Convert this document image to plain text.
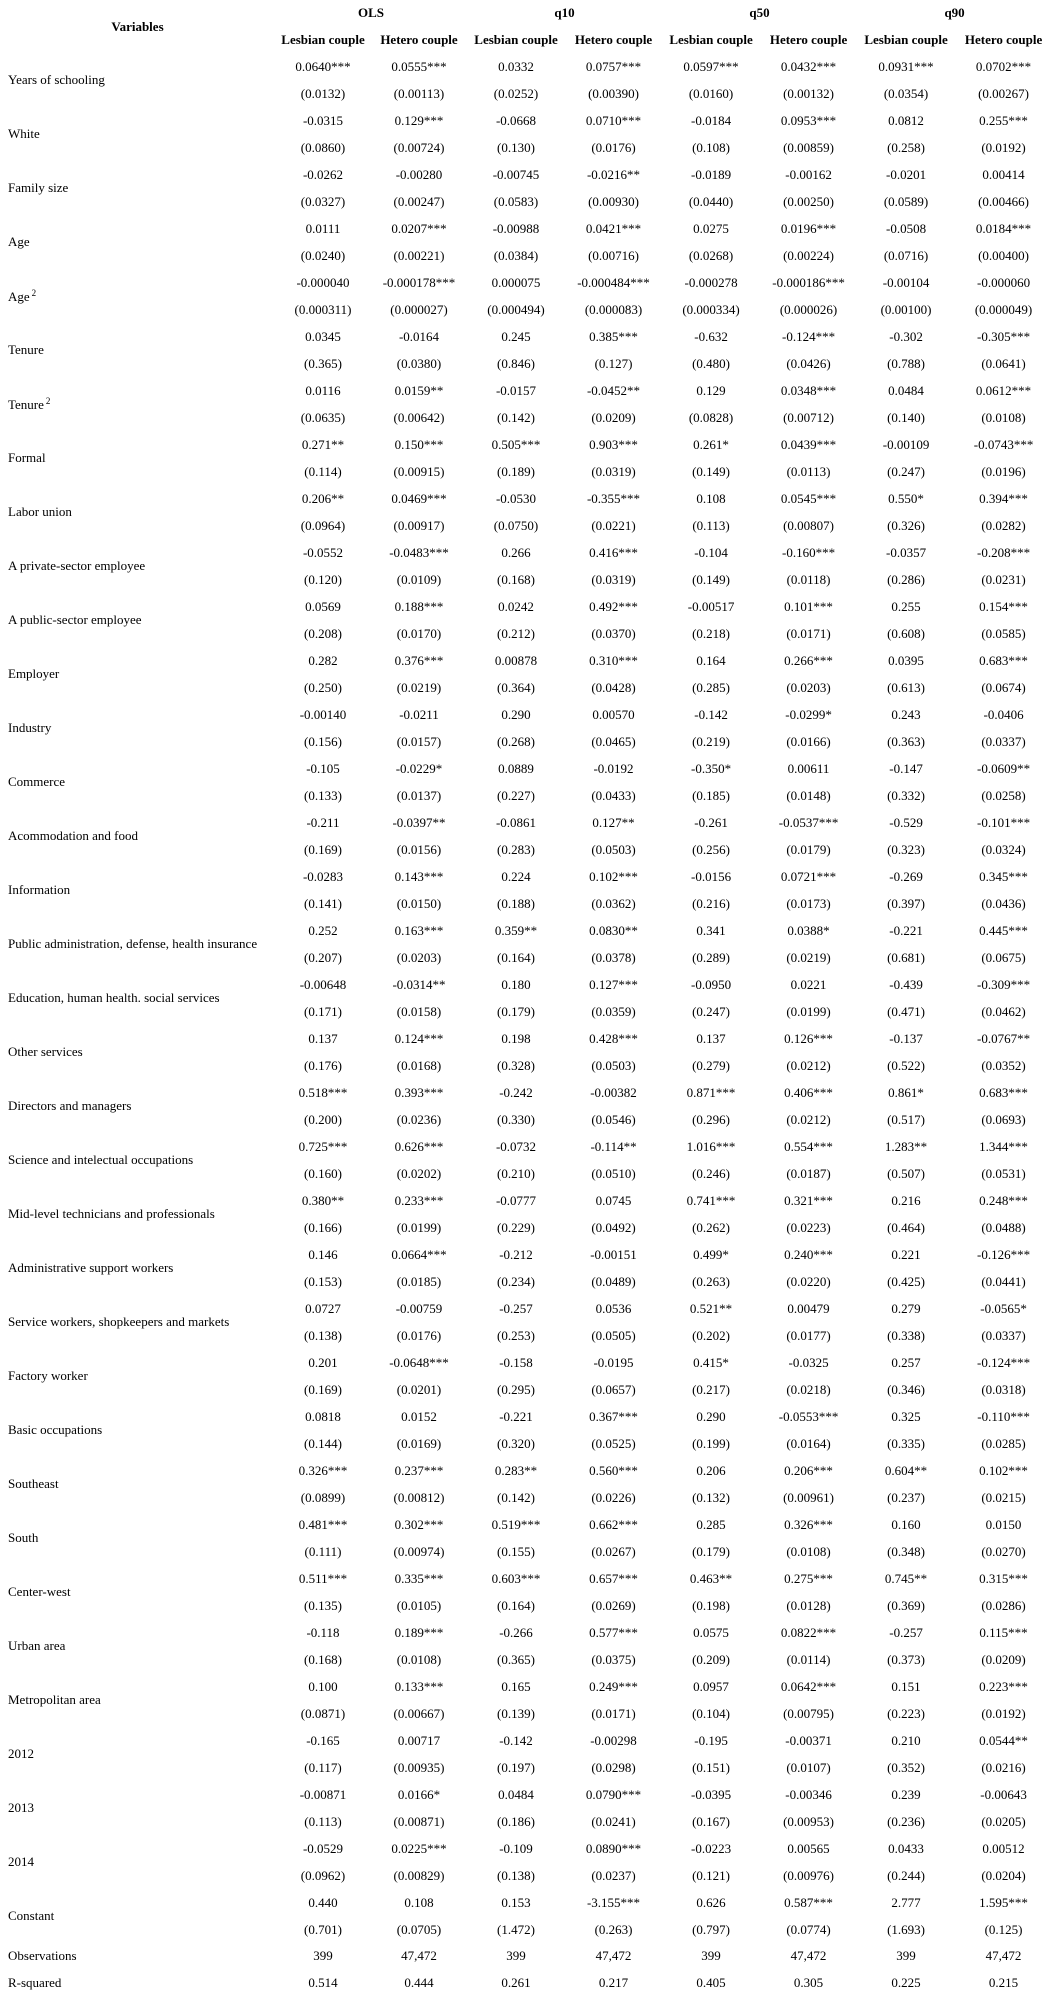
Variables	OLS		q10		q50		q90	
	Lesbian couple	Hetero couple	Lesbian couple	Hetero couple	Lesbian couple	Hetero couple	Lesbian couple	Hetero couple
Years of schooling	0.0640***	0.0555***	0.0332	0.0757***	0.0597***	0.0432***	0.0931***	0.0702***
	(0.0132)	(0.00113)	(0.0252)	(0.00390)	(0.0160)	(0.00132)	(0.0354)	(0.00267)
White	-0.0315	0.129***	-0.0668	0.0710***	-0.0184	0.0953***	0.0812	0.255***
	(0.0860)	(0.00724)	(0.130)	(0.0176)	(0.108)	(0.00859)	(0.258)	(0.0192)
Family size	-0.0262	-0.00280	-0.00745	-0.0216**	-0.0189	-0.00162	-0.0201	0.00414
	(0.0327)	(0.00247)	(0.0583)	(0.00930)	(0.0440)	(0.00250)	(0.0589)	(0.00466)
Age	0.0111	0.0207***	-0.00988	0.0421***	0.0275	0.0196***	-0.0508	0.0184***
	(0.0240)	(0.00221)	(0.0384)	(0.00716)	(0.0268)	(0.00224)	(0.0716)	(0.00400)
Age $^2$	-0.000040	-0.000178***	0.000075	-0.000484***	-0.000278	-0.000186***	-0.00104	-0.000060
	(0.000311)	(0.000027)	(0.000494)	(0.000083)	(0.000334)	(0.000026)	(0.00100)	(0.000049)
Tenure	0.0345	-0.0164	0.245	0.385***	-0.632	-0.124***	-0.302	-0.305***
	(0.365)	(0.0380)	(0.846)	(0.127)	(0.480)	(0.0426)	(0.788)	(0.0641)
Tenure $^2$	0.0116	0.0159**	-0.0157	-0.0452**	0.129	0.0348***	0.0484	0.0612***
	(0.0635)	(0.00642)	(0.142)	(0.0209)	(0.0828)	(0.00712)	(0.140)	(0.0108)
Formal	0.271**	0.150***	0.505***	0.903***	0.261*	0.0439***	-0.00109	-0.0743***
	(0.114)	(0.00915)	(0.189)	(0.0319)	(0.149)	(0.0113)	(0.247)	(0.0196)
Labor union	0.206**	0.0469***	-0.0530	-0.355***	0.108	0.0545***	0.550*	0.394***
	(0.0964)	(0.00917)	(0.0750)	(0.0221)	(0.113)	(0.00807)	(0.326)	(0.0282)
A private-sector employee	-0.0552	-0.0483***	0.266	0.416***	-0.104	-0.160***	-0.0357	-0.208***
	(0.120)	(0.0109)	(0.168)	(0.0319)	(0.149)	(0.0118)	(0.286)	(0.0231)
A public-sector employee	0.0569	0.188***	0.0242	0.492***	-0.00517	0.101***	0.255	0.154***
	(0.208)	(0.0170)	(0.212)	(0.0370)	(0.218)	(0.0171)	(0.608)	(0.0585)
Employer	0.282	0.376***	0.00878	0.310***	0.164	0.266***	0.0395	0.683***
	(0.250)	(0.0219)	(0.364)	(0.0428)	(0.285)	(0.0203)	(0.613)	(0.0674)
Industry	-0.00140	-0.0211	0.290	0.00570	-0.142	-0.0299*	0.243	-0.0406
	(0.156)	(0.0157)	(0.268)	(0.0465)	(0.219)	(0.0166)	(0.363)	(0.0337)
Commerce	-0.105	-0.0229*	0.0889	-0.0192	-0.350*	0.00611	-0.147	-0.0609**
	(0.133)	(0.0137)	(0.227)	(0.0433)	(0.185)	(0.0148)	(0.332)	(0.0258)
Acommodation and food	-0.211	-0.0397**	-0.0861	0.127**	-0.261	-0.0537***	-0.529	-0.101***
	(0.169)	(0.0156)	(0.283)	(0.0503)	(0.256)	(0.0179)	(0.323)	(0.0324)
Information	-0.0283	0.143***	0.224	0.102***	-0.0156	0.0721***	-0.269	0.345***
	(0.141)	(0.0150)	(0.188)	(0.0362)	(0.216)	(0.0173)	(0.397)	(0.0436)
Public administration, defense, health insurance	0.252	0.163***	0.359**	0.0830**	0.341	0.0388*	-0.221	0.445***
	(0.207)	(0.0203)	(0.164)	(0.0378)	(0.289)	(0.0219)	(0.681)	(0.0675)
Education, human health. social services	-0.00648	-0.0314**	0.180	0.127***	-0.0950	0.0221	-0.439	-0.309***
	(0.171)	(0.0158)	(0.179)	(0.0359)	(0.247)	(0.0199)	(0.471)	(0.0462)
Other services	0.137	0.124***	0.198	0.428***	0.137	0.126***	-0.137	-0.0767**
	(0.176)	(0.0168)	(0.328)	(0.0503)	(0.279)	(0.0212)	(0.522)	(0.0352)
Directors and managers	0.518***	0.393***	-0.242	-0.00382	0.871***	0.406***	0.861*	0.683***
	(0.200)	(0.0236)	(0.330)	(0.0546)	(0.296)	(0.0212)	(0.517)	(0.0693)
Science and intelectual occupations	0.725***	0.626***	-0.0732	-0.114**	1.016***	0.554***	1.283**	1.344***
	(0.160)	(0.0202)	(0.210)	(0.0510)	(0.246)	(0.0187)	(0.507)	(0.0531)
Mid-level technicians and professionals	0.380**	0.233***	-0.0777	0.0745	0.741***	0.321***	0.216	0.248***
	(0.166)	(0.0199)	(0.229)	(0.0492)	(0.262)	(0.0223)	(0.464)	(0.0488)
Administrative support workers	0.146	0.0664***	-0.212	-0.00151	0.499*	0.240***	0.221	-0.126***
	(0.153)	(0.0185)	(0.234)	(0.0489)	(0.263)	(0.0220)	(0.425)	(0.0441)
Service workers, shopkeepers and markets	0.0727	-0.00759	-0.257	0.0536	0.521**	0.00479	0.279	-0.0565*
	(0.138)	(0.0176)	(0.253)	(0.0505)	(0.202)	(0.0177)	(0.338)	(0.0337)
Factory worker	0.201	-0.0648***	-0.158	-0.0195	0.415*	-0.0325	0.257	-0.124***
	(0.169)	(0.0201)	(0.295)	(0.0657)	(0.217)	(0.0218)	(0.346)	(0.0318)
Basic occupations	0.0818	0.0152	-0.221	0.367***	0.290	-0.0553***	0.325	-0.110***
	(0.144)	(0.0169)	(0.320)	(0.0525)	(0.199)	(0.0164)	(0.335)	(0.0285)
Southeast	0.326***	0.237***	0.283**	0.560***	0.206	0.206***	0.604**	0.102***
	(0.0899)	(0.00812)	(0.142)	(0.0226)	(0.132)	(0.00961)	(0.237)	(0.0215)
South	0.481***	0.302***	0.519***	0.662***	0.285	0.326***	0.160	0.0150
	(0.111)	(0.00974)	(0.155)	(0.0267)	(0.179)	(0.0108)	(0.348)	(0.0270)
Center-west	0.511***	0.335***	0.603***	0.657***	0.463**	0.275***	0.745**	0.315***
	(0.135)	(0.0105)	(0.164)	(0.0269)	(0.198)	(0.0128)	(0.369)	(0.0286)
Urban area	-0.118	0.189***	-0.266	0.577***	0.0575	0.0822***	-0.257	0.115***
	(0.168)	(0.0108)	(0.365)	(0.0375)	(0.209)	(0.0114)	(0.373)	(0.0209)
Metropolitan area	0.100	0.133***	0.165	0.249***	0.0957	0.0642***	0.151	0.223***
	(0.0871)	(0.00667)	(0.139)	(0.0171)	(0.104)	(0.00795)	(0.223)	(0.0192)
2012	-0.165	0.00717	-0.142	-0.00298	-0.195	-0.00371	0.210	0.0544**
	(0.117)	(0.00935)	(0.197)	(0.0298)	(0.151)	(0.0107)	(0.352)	(0.0216)
2013	-0.00871	0.0166*	0.0484	0.0790***	-0.0395	-0.00346	0.239	-0.00643
	(0.113)	(0.00871)	(0.186)	(0.0241)	(0.167)	(0.00953)	(0.236)	(0.0205)
2014	-0.0529	0.0225***	-0.109	0.0890***	-0.0223	0.00565	0.0433	0.00512
	(0.0962)	(0.00829)	(0.138)	(0.0237)	(0.121)	(0.00976)	(0.244)	(0.0204)
Constant	0.440	0.108	0.153	-3.155***	0.626	0.587***	2.777	1.595***
	(0.701)	(0.0705)	(1.472)	(0.263)	(0.797)	(0.0774)	(1.693)	(0.125)
Observations	399	47,472	399	47,472	399	47,472	399	47,472
R-squared	0.514	0.444	0.261	0.217	0.405	0.305	0.225	0.215
